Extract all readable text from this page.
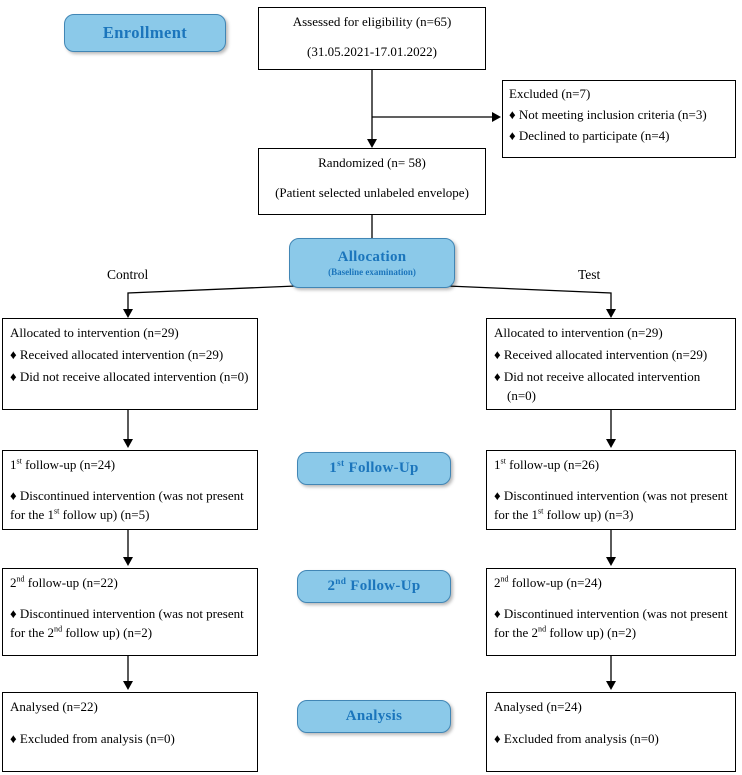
Enrollment
Assessed for eligibility (n=65)
(31.05.2021-17.01.2022)
Excluded (n=7)
♦ Not meeting inclusion criteria (n=3)
♦ Declined to participate (n=4)
Randomized (n= 58)
(Patient selected unlabeled envelope)
Allocation
(Baseline examination)
Control	Test
Allocated to intervention (n=29)
♦ Received allocated intervention (n=29)
♦ Did not receive allocated intervention (n=0)
Allocated to intervention (n=29)
♦ Received allocated intervention (n=29)
♦ Did not receive allocated intervention (n=0)
1st follow-up (n=24)
♦ Discontinued intervention (was not present for the 1st follow up) (n=5)
1st Follow-Up	1st follow-up (n=26)
♦ Discontinued intervention (was not present for the 1st follow up) (n=3)
2nd follow-up (n=22)
♦ Discontinued intervention (was not present for the 2nd follow up) (n=2)
2nd Follow-Up	2nd follow-up (n=24)
♦ Discontinued intervention (was not present for the 2nd follow up) (n=2)
Analysed (n=22)
♦ Excluded from analysis (n=0)
Analysis
Analysed (n=24)
♦ Excluded from analysis (n=0)
